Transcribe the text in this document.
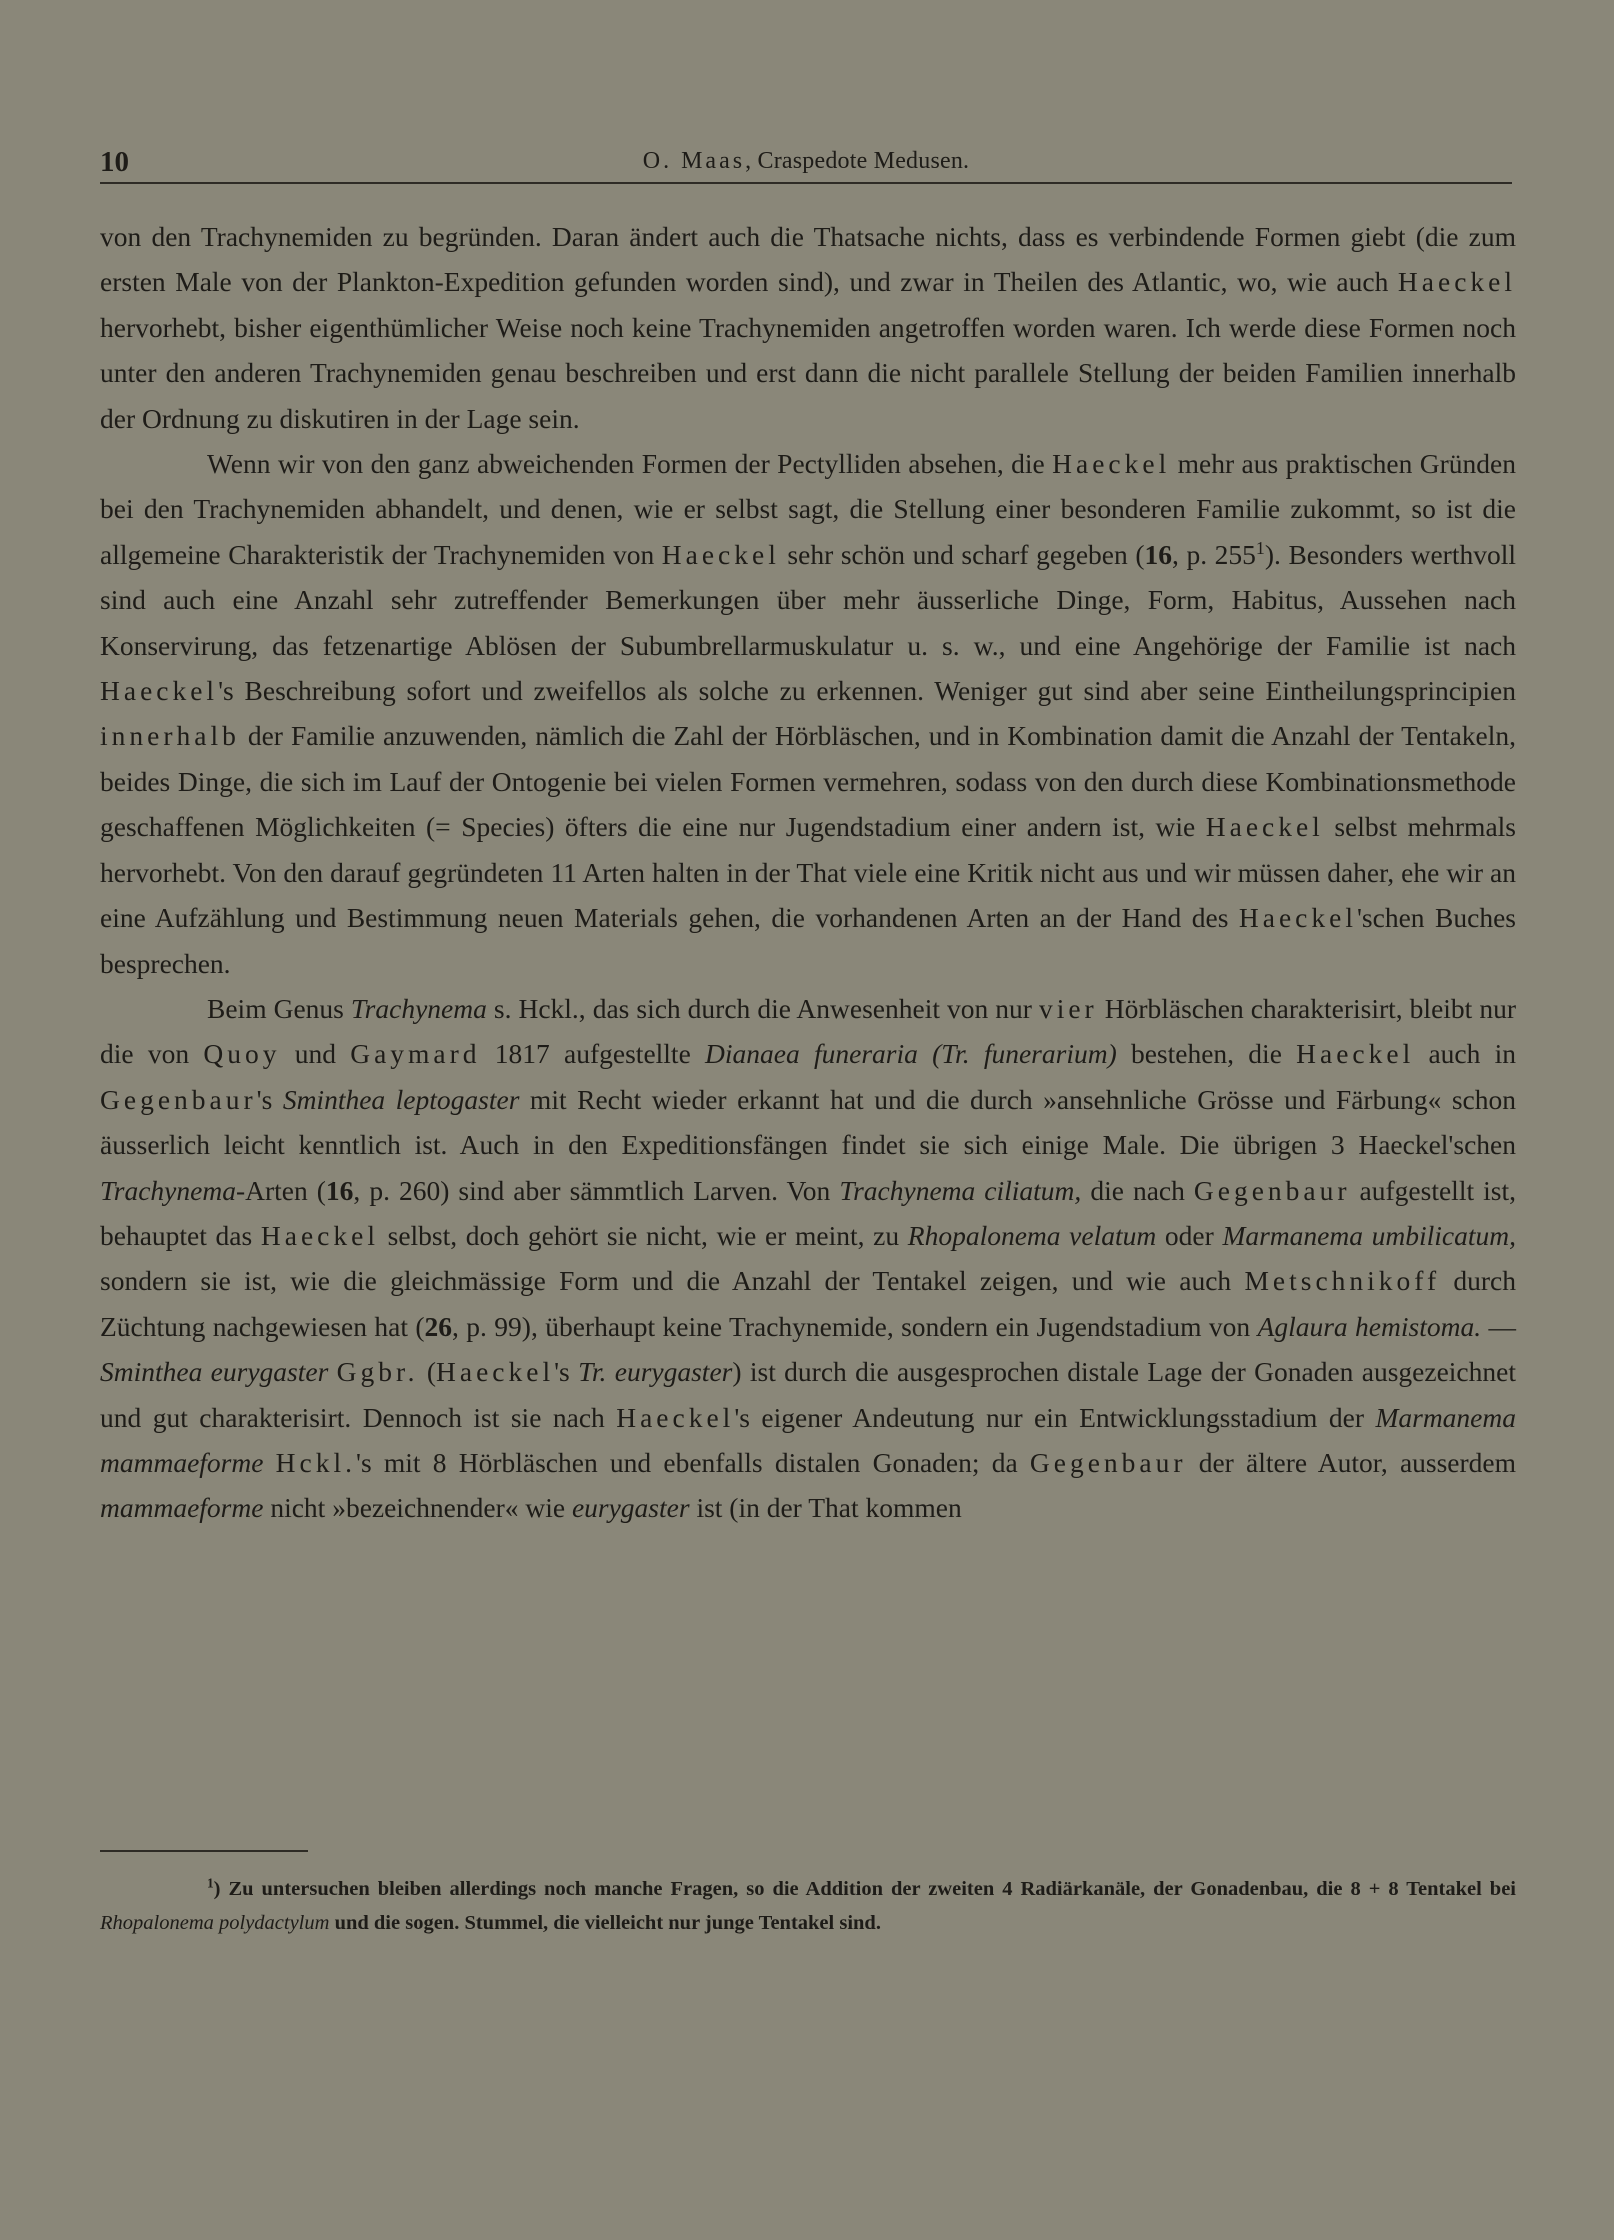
10	O. Maas, Craspedote Medusen.

von den Trachynemiden zu begründen. Daran ändert auch die Thatsache nichts, dass es verbindende Formen giebt (die zum ersten Male von der Plankton-Expedition gefunden worden sind), und zwar in Theilen des Atlantic, wo, wie auch Haeckel hervorhebt, bisher eigenthümlicher Weise noch keine Trachynemiden angetroffen worden waren. Ich werde diese Formen noch unter den anderen Trachynemiden genau beschreiben und erst dann die nicht parallele Stellung der beiden Familien innerhalb der Ordnung zu diskutiren in der Lage sein.

Wenn wir von den ganz abweichenden Formen der Pectylliden absehen, die Haeckel mehr aus praktischen Gründen bei den Trachynemiden abhandelt, und denen, wie er selbst sagt, die Stellung einer besonderen Familie zukommt, so ist die allgemeine Charakteristik der Trachynemiden von Haeckel sehr schön und scharf gegeben (16, p. $255^1$). Besonders werthvoll sind auch eine Anzahl sehr zutreffender Bemerkungen über mehr äusserliche Dinge, Form, Habitus, Aussehen nach Konservirung, das fetzenartige Ablösen der Subumbrellarmuskulatur u. s. w., und eine Angehörige der Familie ist nach Haeckel's Beschreibung sofort und zweifellos als solche zu erkennen. Weniger gut sind aber seine Eintheilungsprincipien innerhalb der Familie anzuwenden, nämlich die Zahl der Hörbläschen, und in Kombination damit die Anzahl der Tentakeln, beides Dinge, die sich im Lauf der Ontogenie bei vielen Formen vermehren, sodass von den durch diese Kombinationsmethode geschaffenen Möglichkeiten (= Species) öfters die eine nur Jugendstadium einer andern ist, wie Haeckel selbst mehrmals hervorhebt. Von den darauf gegründeten 11 Arten halten in der That viele eine Kritik nicht aus und wir müssen daher, ehe wir an eine Aufzählung und Bestimmung neuen Materials gehen, die vorhandenen Arten an der Hand des Haeckel'schen Buches besprechen.

Beim Genus Trachynema s. Hckl., das sich durch die Anwesenheit von nur vier Hörbläschen charakterisirt, bleibt nur die von Quoy und Gaymard 1817 aufgestellte Dianaea funeraria (Tr. funerarium) bestehen, die Haeckel auch in Gegenbaur's Sminthea leptogaster mit Recht wieder erkannt hat und die durch »ansehnliche Grösse und Färbung« schon äusserlich leicht kenntlich ist. Auch in den Expeditionsfängen findet sie sich einige Male. Die übrigen 3 Haeckel'schen Trachynema-Arten (16, p. 260) sind aber sämmtlich Larven. Von Trachynema ciliatum, die nach Gegenbaur aufgestellt ist, behauptet das Haeckel selbst, doch gehört sie nicht, wie er meint, zu Rhopalonema velatum oder Marmanema umbilicatum, sondern sie ist, wie die gleichmässige Form und die Anzahl der Tentakel zeigen, und wie auch Metschnikoff durch Züchtung nachgewiesen hat (26, p. 99), überhaupt keine Trachynemide, sondern ein Jugendstadium von Aglaura hemistoma. — Sminthea eurygaster Ggbr. (Haeckel's Tr. eurygaster) ist durch die ausgesprochen distale Lage der Gonaden ausgezeichnet und gut charakterisirt. Dennoch ist sie nach Haeckel's eigener Andeutung nur ein Entwicklungsstadium der Marmanema mammaeforme Hckl.'s mit 8 Hörbläschen und ebenfalls distalen Gonaden; da Gegenbaur der ältere Autor, ausserdem mammaeforme nicht »bezeichnender« wie eurygaster ist (in der That kommen

$^1$) Zu untersuchen bleiben allerdings noch manche Fragen, so die Addition der zweiten 4 Radiärkanäle, der Gonadenbau, die 8 + 8 Tentakel bei Rhopalonema polydactylum und die sogen. Stummel, die vielleicht nur junge Tentakel sind.
